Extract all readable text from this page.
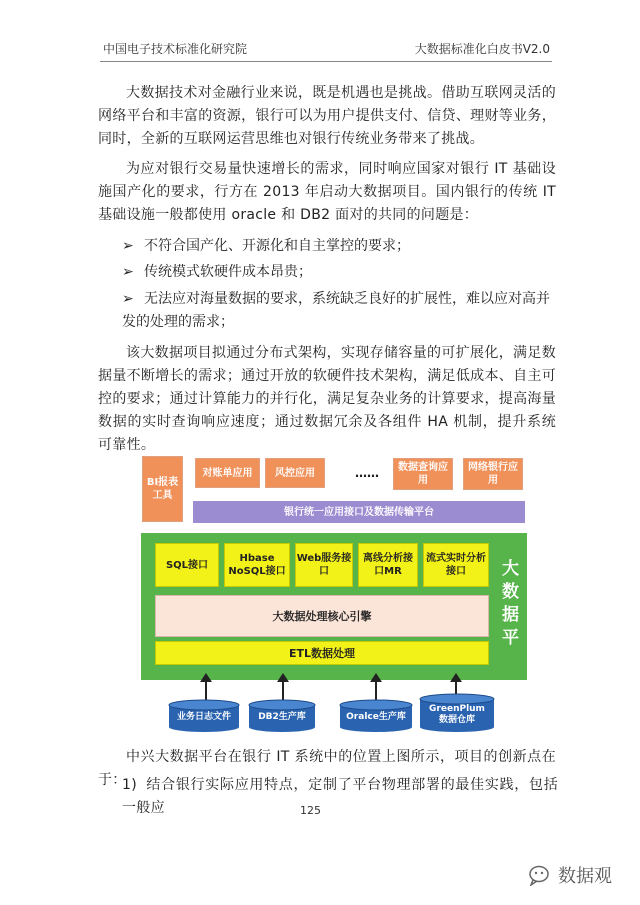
中国电子技术标准化研究院	大数据标准化白皮书V2.0

大数据技术对金融行业来说，既是机遇也是挑战。借助互联网灵活的网络平台和丰富的资源，银行可以为用户提供支付、信贷、理财等业务，同时，全新的互联网运营思维也对银行传统业务带来了挑战。

为应对银行交易量快速增长的需求，同时响应国家对银行 IT 基础设施国产化的要求，行方在 2013 年启动大数据项目。国内银行的传统 IT 基础设施一般都使用 oracle 和 DB2 面对的共同的问题是：

➢ 不符合国产化、开源化和自主掌控的要求；

➢ 传统模式软硬件成本昂贵；

➢ 无法应对海量数据的要求，系统缺乏良好的扩展性，难以应对高并发的处理的需求；

该大数据项目拟通过分布式架构，实现存储容量的可扩展化，满足数据量不断增长的需求；通过开放的软硬件技术架构，满足低成本、自主可控的要求；通过计算能力的并行化，满足复杂业务的计算要求，提高海量数据的实时查询响应速度；通过数据冗余及各组件 HA 机制，提升系统可靠性。

BI报表工具
对账单应用	风控应用	……	数据查询应用
网络银行应用
银行统一应用接口及数据传输平台
SQL接口
Hbase NoSQL接口
Web服务接口
离线分析接口MR
流式实时分析接口
大数据处理核心引擎
ETL数据处理
大数据平
业务日志文件	DB2生产库	Oralce生产库
GreenPlum数据仓库

中兴大数据平台在银行 IT 系统中的位置上图所示，项目的创新点在于：

1) 结合银行实际应用特点，定制了平台物理部署的最佳实践，包括一般应	125
数据观
